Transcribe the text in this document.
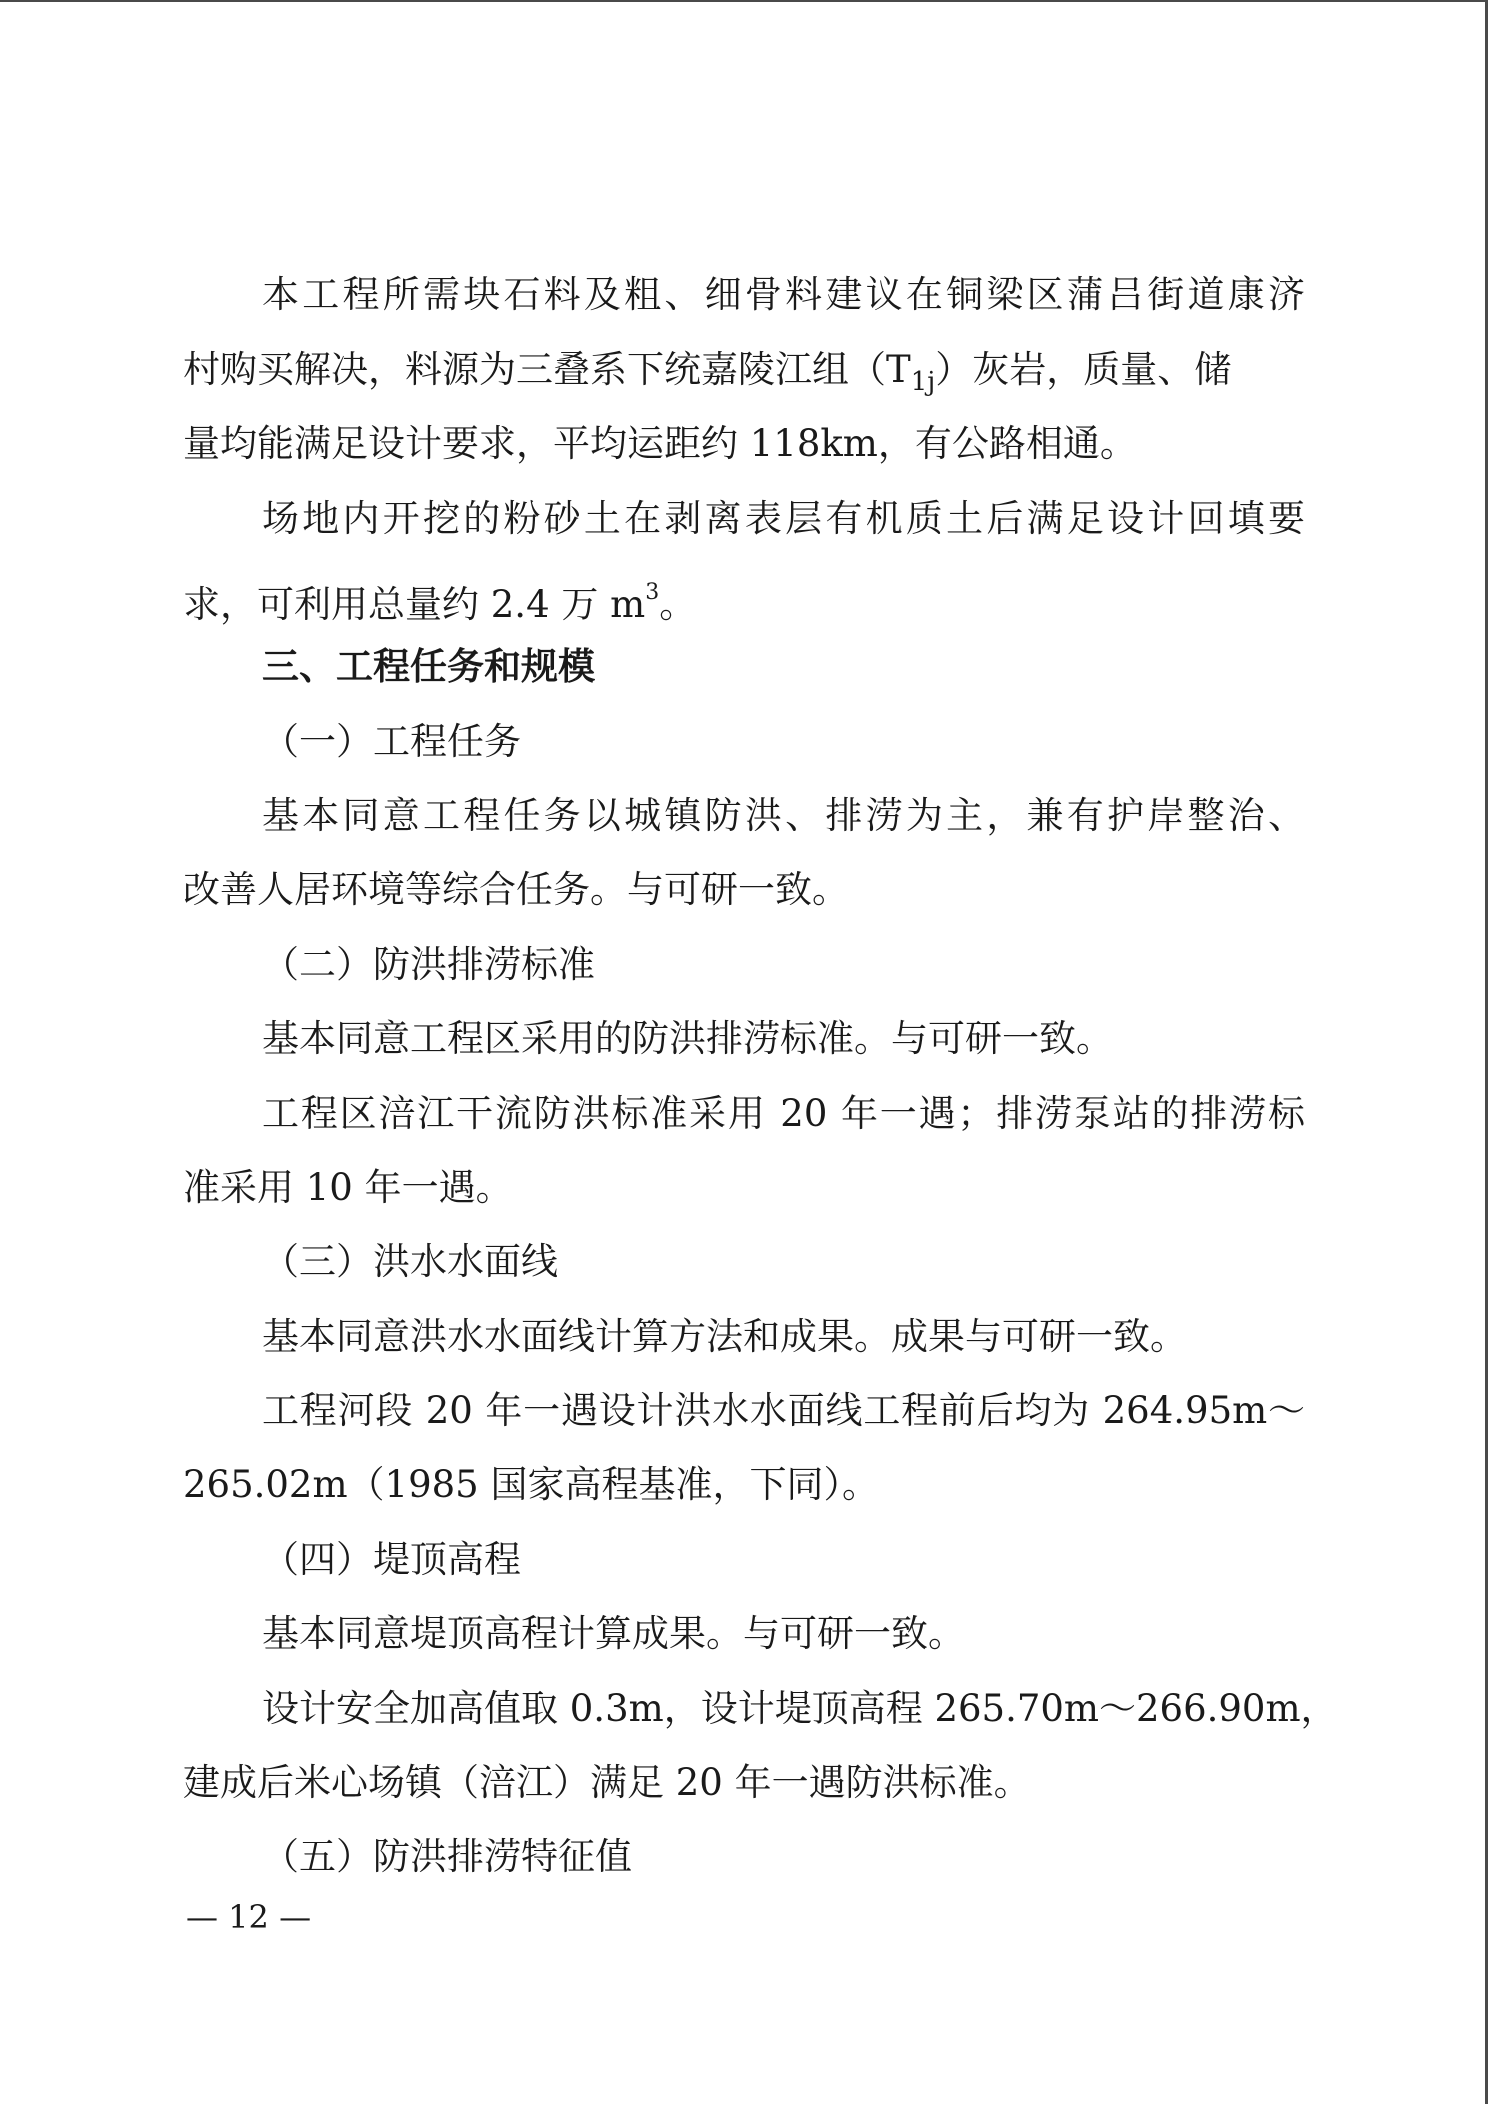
本工程所需块石料及粗、细骨料建议在铜梁区蒲吕街道康济
村购买解决，料源为三叠系下统嘉陵江组（T1j）灰岩，质量、储
量均能满足设计要求，平均运距约 118km，有公路相通。
场地内开挖的粉砂土在剥离表层有机质土后满足设计回填要
求，可利用总量约 2.4 万 m3。
三、工程任务和规模
（一）工程任务
基本同意工程任务以城镇防洪、排涝为主，兼有护岸整治、
改善人居环境等综合任务。与可研一致。
（二）防洪排涝标准
基本同意工程区采用的防洪排涝标准。与可研一致。
工程区涪江干流防洪标准采用 20 年一遇；排涝泵站的排涝标
准采用 10 年一遇。
（三）洪水水面线
基本同意洪水水面线计算方法和成果。成果与可研一致。
工程河段 20 年一遇设计洪水水面线工程前后均为 264.95m～
265.02m（1985 国家高程基准，下同）。
（四）堤顶高程
基本同意堤顶高程计算成果。与可研一致。
设计安全加高值取 0.3m，设计堤顶高程 265.70m～266.90m，
建成后米心场镇（涪江）满足 20 年一遇防洪标准。
（五）防洪排涝特征值
— 12 —
